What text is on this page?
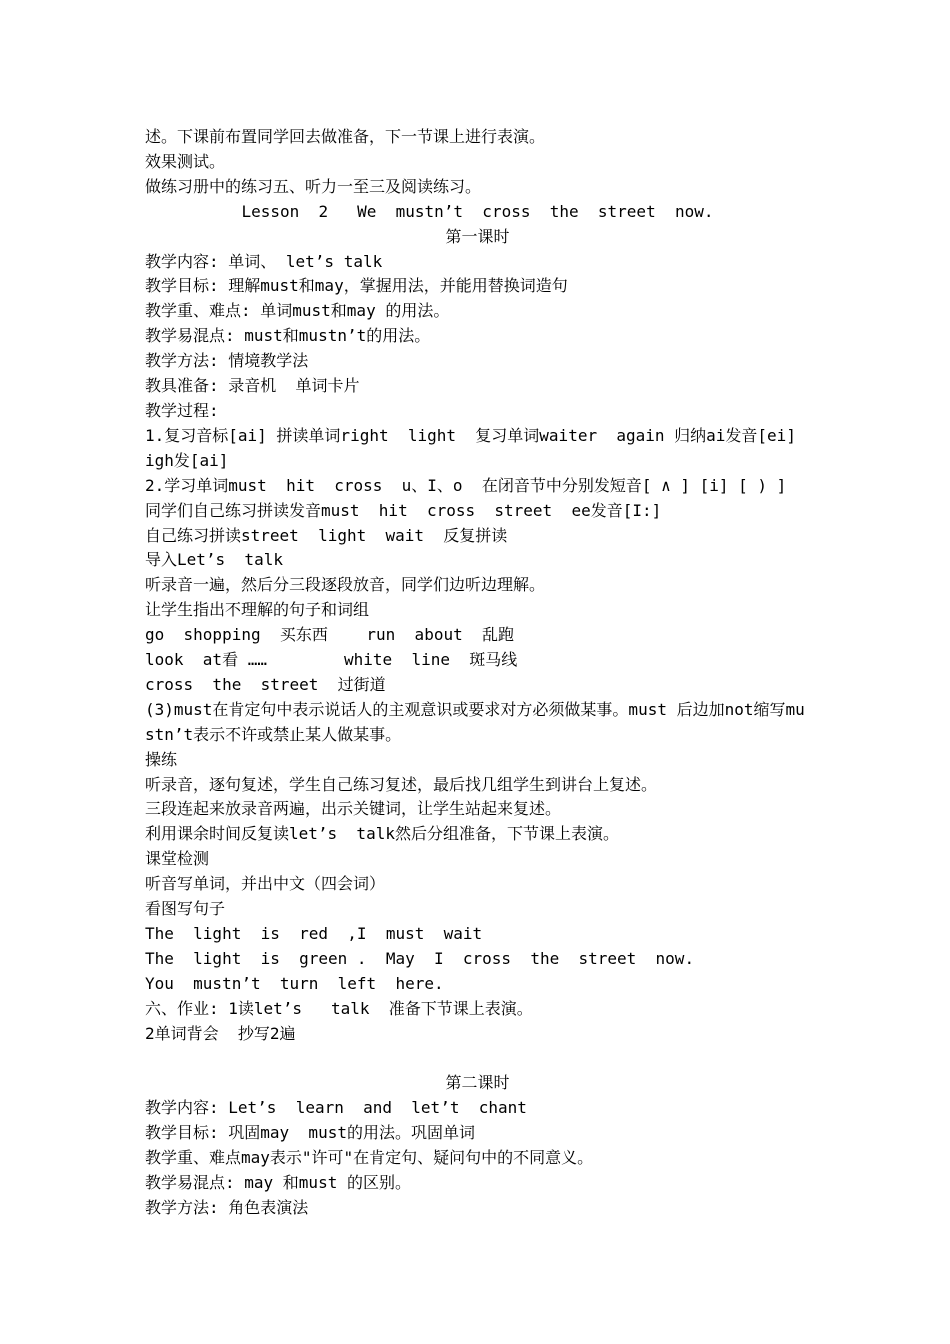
述。下课前布置同学回去做准备，下一节课上进行表演。
效果测试。
做练习册中的练习五、听力一至三及阅读练习。
Lesson  2   We  mustn’t  cross  the  street  now.
第一课时
教学内容: 单词、 let’s talk
教学目标: 理解must和may，掌握用法，并能用替换词造句
教学重、难点: 单词must和may 的用法。
教学易混点: must和mustn’t的用法。
教学方法: 情境教学法
教具准备: 录音机  单词卡片
教学过程:
1.复习音标[ai] 拼读单词right  light  复习单词waiter  again 归纳ai发音[ei] igh发[ai]
2.学习单词must  hit  cross  u、I、o  在闭音节中分别发短音[ ∧ ] [i] [ ) ]  同学们自己练习拼读发音must  hit  cross  street  ee发音[I:]
自己练习拼读street  light  wait  反复拼读
导入Let’s  talk
听录音一遍，然后分三段逐段放音，同学们边听边理解。
让学生指出不理解的句子和词组
go  shopping  买东西    run  about  乱跑
look  at看 ……        white  line  斑马线
cross  the  street  过街道
(3)must在肯定句中表示说话人的主观意识或要求对方必须做某事。must 后边加not缩写mustn’t表示不许或禁止某人做某事。
操练
听录音，逐句复述，学生自己练习复述，最后找几组学生到讲台上复述。
三段连起来放录音两遍，出示关键词，让学生站起来复述。
利用课余时间反复读let’s  talk然后分组准备，下节课上表演。
课堂检测
听音写单词，并出中文（四会词）
看图写句子
The  light  is  red  ,I  must  wait
The  light  is  green .  May  I  cross  the  street  now.
You  mustn’t  turn  left  here.
六、作业: 1读let’s   talk  准备下节课上表演。
2单词背会  抄写2遍
第二课时
教学内容: Let’s  learn  and  let’t  chant
教学目标: 巩固may  must的用法。巩固单词
教学重、难点may表示"许可"在肯定句、疑问句中的不同意义。
教学易混点: may 和must 的区别。
教学方法: 角色表演法
